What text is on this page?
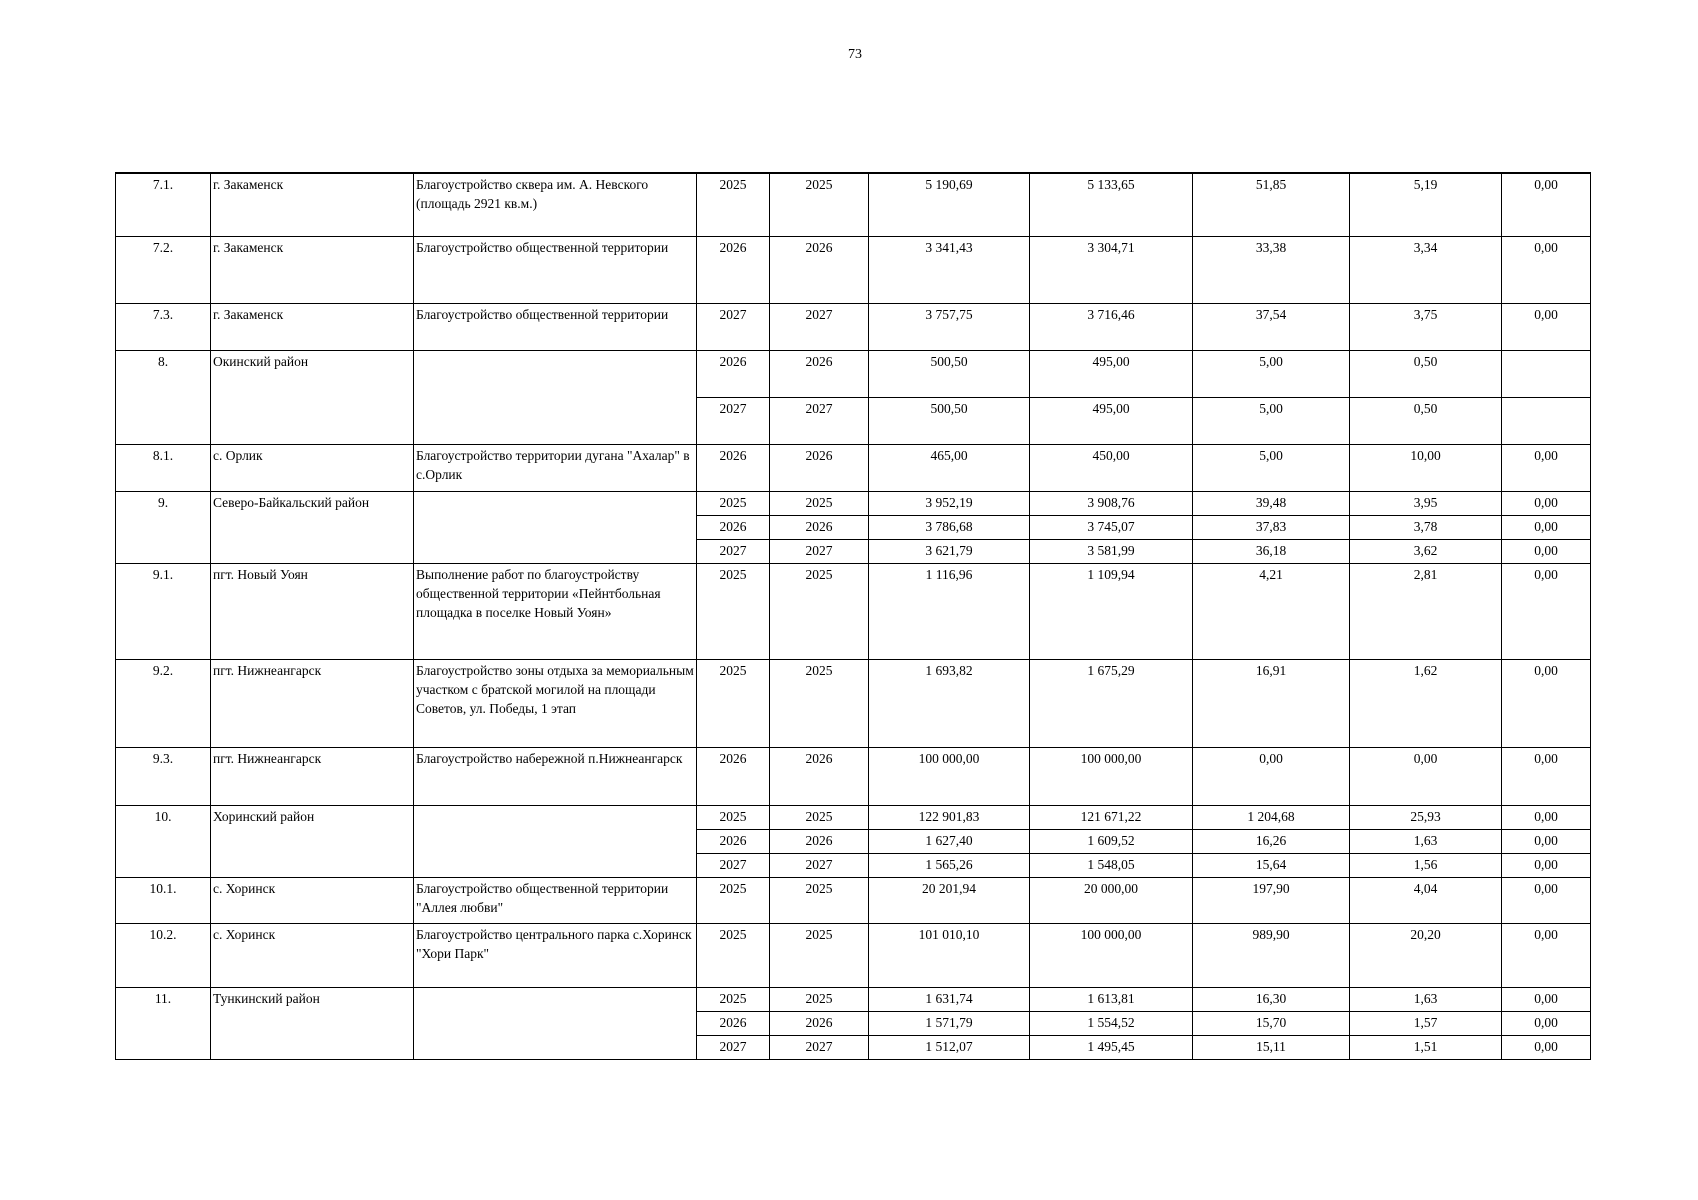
73
7.1.	г. Закаменск	Благоустройство сквера им. А. Невского (площадь 2921 кв.м.)	2025	2025	5 190,69	5 133,65	51,85	5,19	0,00
7.2.	г. Закаменск	Благоустройство общественной территории	2026	2026	3 341,43	3 304,71	33,38	3,34	0,00
7.3.	г. Закаменск	Благоустройство общественной территории	2027	2027	3 757,75	3 716,46	37,54	3,75	0,00
8.	Окинский район		2026	2026	500,50	495,00	5,00	0,50	
			2027	2027	500,50	495,00	5,00	0,50	
8.1.	с. Орлик	Благоустройство территории дугана "Ахалар" в с.Орлик	2026	2026	465,00	450,00	5,00	10,00	0,00
9.	Северо-Байкальский район		2025	2025	3 952,19	3 908,76	39,48	3,95	0,00
			2026	2026	3 786,68	3 745,07	37,83	3,78	0,00
			2027	2027	3 621,79	3 581,99	36,18	3,62	0,00
9.1.	пгт. Новый Уоян	Выполнение работ по благоустройству общественной территории «Пейнтбольная площадка в поселке Новый Уоян»	2025	2025	1 116,96	1 109,94	4,21	2,81	0,00
9.2.	пгт. Нижнеангарск	Благоустройство зоны отдыха за мемориальным участком с братской могилой на площади Советов, ул. Победы, 1 этап	2025	2025	1 693,82	1 675,29	16,91	1,62	0,00
9.3.	пгт. Нижнеангарск	Благоустройство набережной п.Нижнеангарск	2026	2026	100 000,00	100 000,00	0,00	0,00	0,00
10.	Хоринский район		2025	2025	122 901,83	121 671,22	1 204,68	25,93	0,00
			2026	2026	1 627,40	1 609,52	16,26	1,63	0,00
			2027	2027	1 565,26	1 548,05	15,64	1,56	0,00
10.1.	с. Хоринск	Благоустройство общественной территории "Аллея любви"	2025	2025	20 201,94	20 000,00	197,90	4,04	0,00
10.2.	с. Хоринск	Благоустройство центрального парка с.Хоринск "Хори Парк"	2025	2025	101 010,10	100 000,00	989,90	20,20	0,00
11.	Тункинский район		2025	2025	1 631,74	1 613,81	16,30	1,63	0,00
			2026	2026	1 571,79	1 554,52	15,70	1,57	0,00
			2027	2027	1 512,07	1 495,45	15,11	1,51	0,00
